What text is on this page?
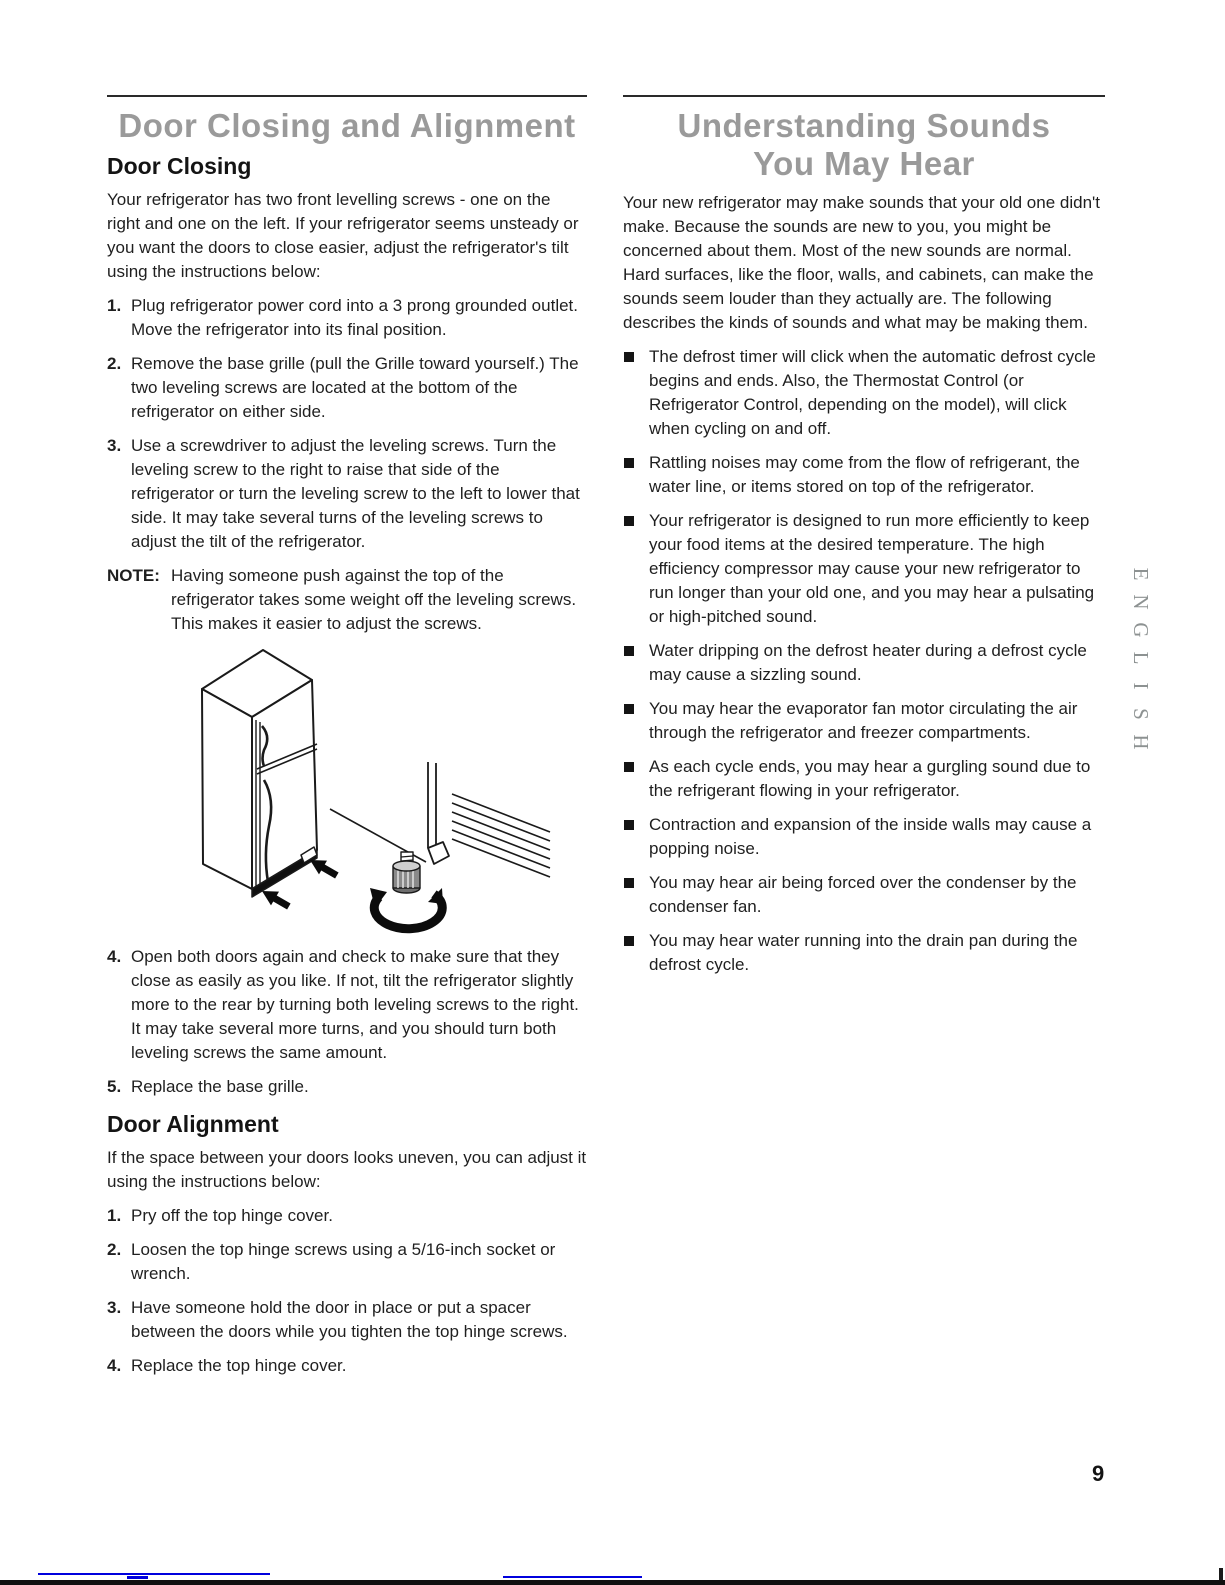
Door Closing and Alignment
Door Closing

Your refrigerator has two front levelling screws - one on the right and one on the left. If your refrigerator seems unsteady or you want the doors to close easier, adjust the refrigerator's tilt using the instructions below:

1. Plug refrigerator power cord into a 3 prong grounded outlet. Move the refrigerator into its final position.
2. Remove the base grille (pull the Grille toward yourself.) The two leveling screws are located at the bottom of the refrigerator on either side.
3. Use a screwdriver to adjust the leveling screws. Turn the leveling screw to the right to raise that side of the refrigerator or turn the leveling screw to the left to lower that side. It may take several turns of the leveling screws to adjust the tilt of the refrigerator.
NOTE: Having someone push against the top of the refrigerator takes some weight off the leveling screws. This makes it easier to adjust the screws.
4. Open both doors again and check to make sure that they close as easily as you like. If not, tilt the refrigerator slightly more to the rear by turning both leveling screws to the right. It may take several more turns, and you should turn both leveling screws the same amount.
5. Replace the base grille.
Door Alignment

If the space between your doors looks uneven, you can adjust it using the instructions below:

1. Pry off the top hinge cover.
2. Loosen the top hinge screws using a 5/16-inch socket or wrench.
3. Have someone hold the door in place or put a spacer between the doors while you tighten the top hinge screws.
4. Replace the top hinge cover.
Understanding Sounds
You May Hear

Your new refrigerator may make sounds that your old one didn't make. Because the sounds are new to you, you might be concerned about them. Most of the new sounds are normal. Hard surfaces, like the floor, walls, and cabinets, can make the sounds seem louder than they actually are. The following describes the kinds of sounds and what may be making them.

The defrost timer will click when the automatic defrost cycle begins and ends. Also, the Thermostat Control (or Refrigerator Control, depending on the model), will click when cycling on and off.
Rattling noises may come from the flow of refrigerant, the water line, or items stored on top of the refrigerator.
Your refrigerator is designed to run more efficiently to keep your food items at the desired temperature. The high efficiency compressor may cause your new refrigerator to run longer than your old one, and you may hear a pulsating or high-pitched sound.
Water dripping on the defrost heater during a defrost cycle may cause a sizzling sound.
You may hear the evaporator fan motor circulating the air through the refrigerator and freezer compartments.
As each cycle ends, you may hear a gurgling sound due to the refrigerant flowing in your refrigerator.
Contraction and expansion of the inside walls may cause a popping noise.
You may hear air being forced over the condenser by the condenser fan.
You may hear water running into the drain pan during the defrost cycle.
E
N
G
L
I
S
H
9
